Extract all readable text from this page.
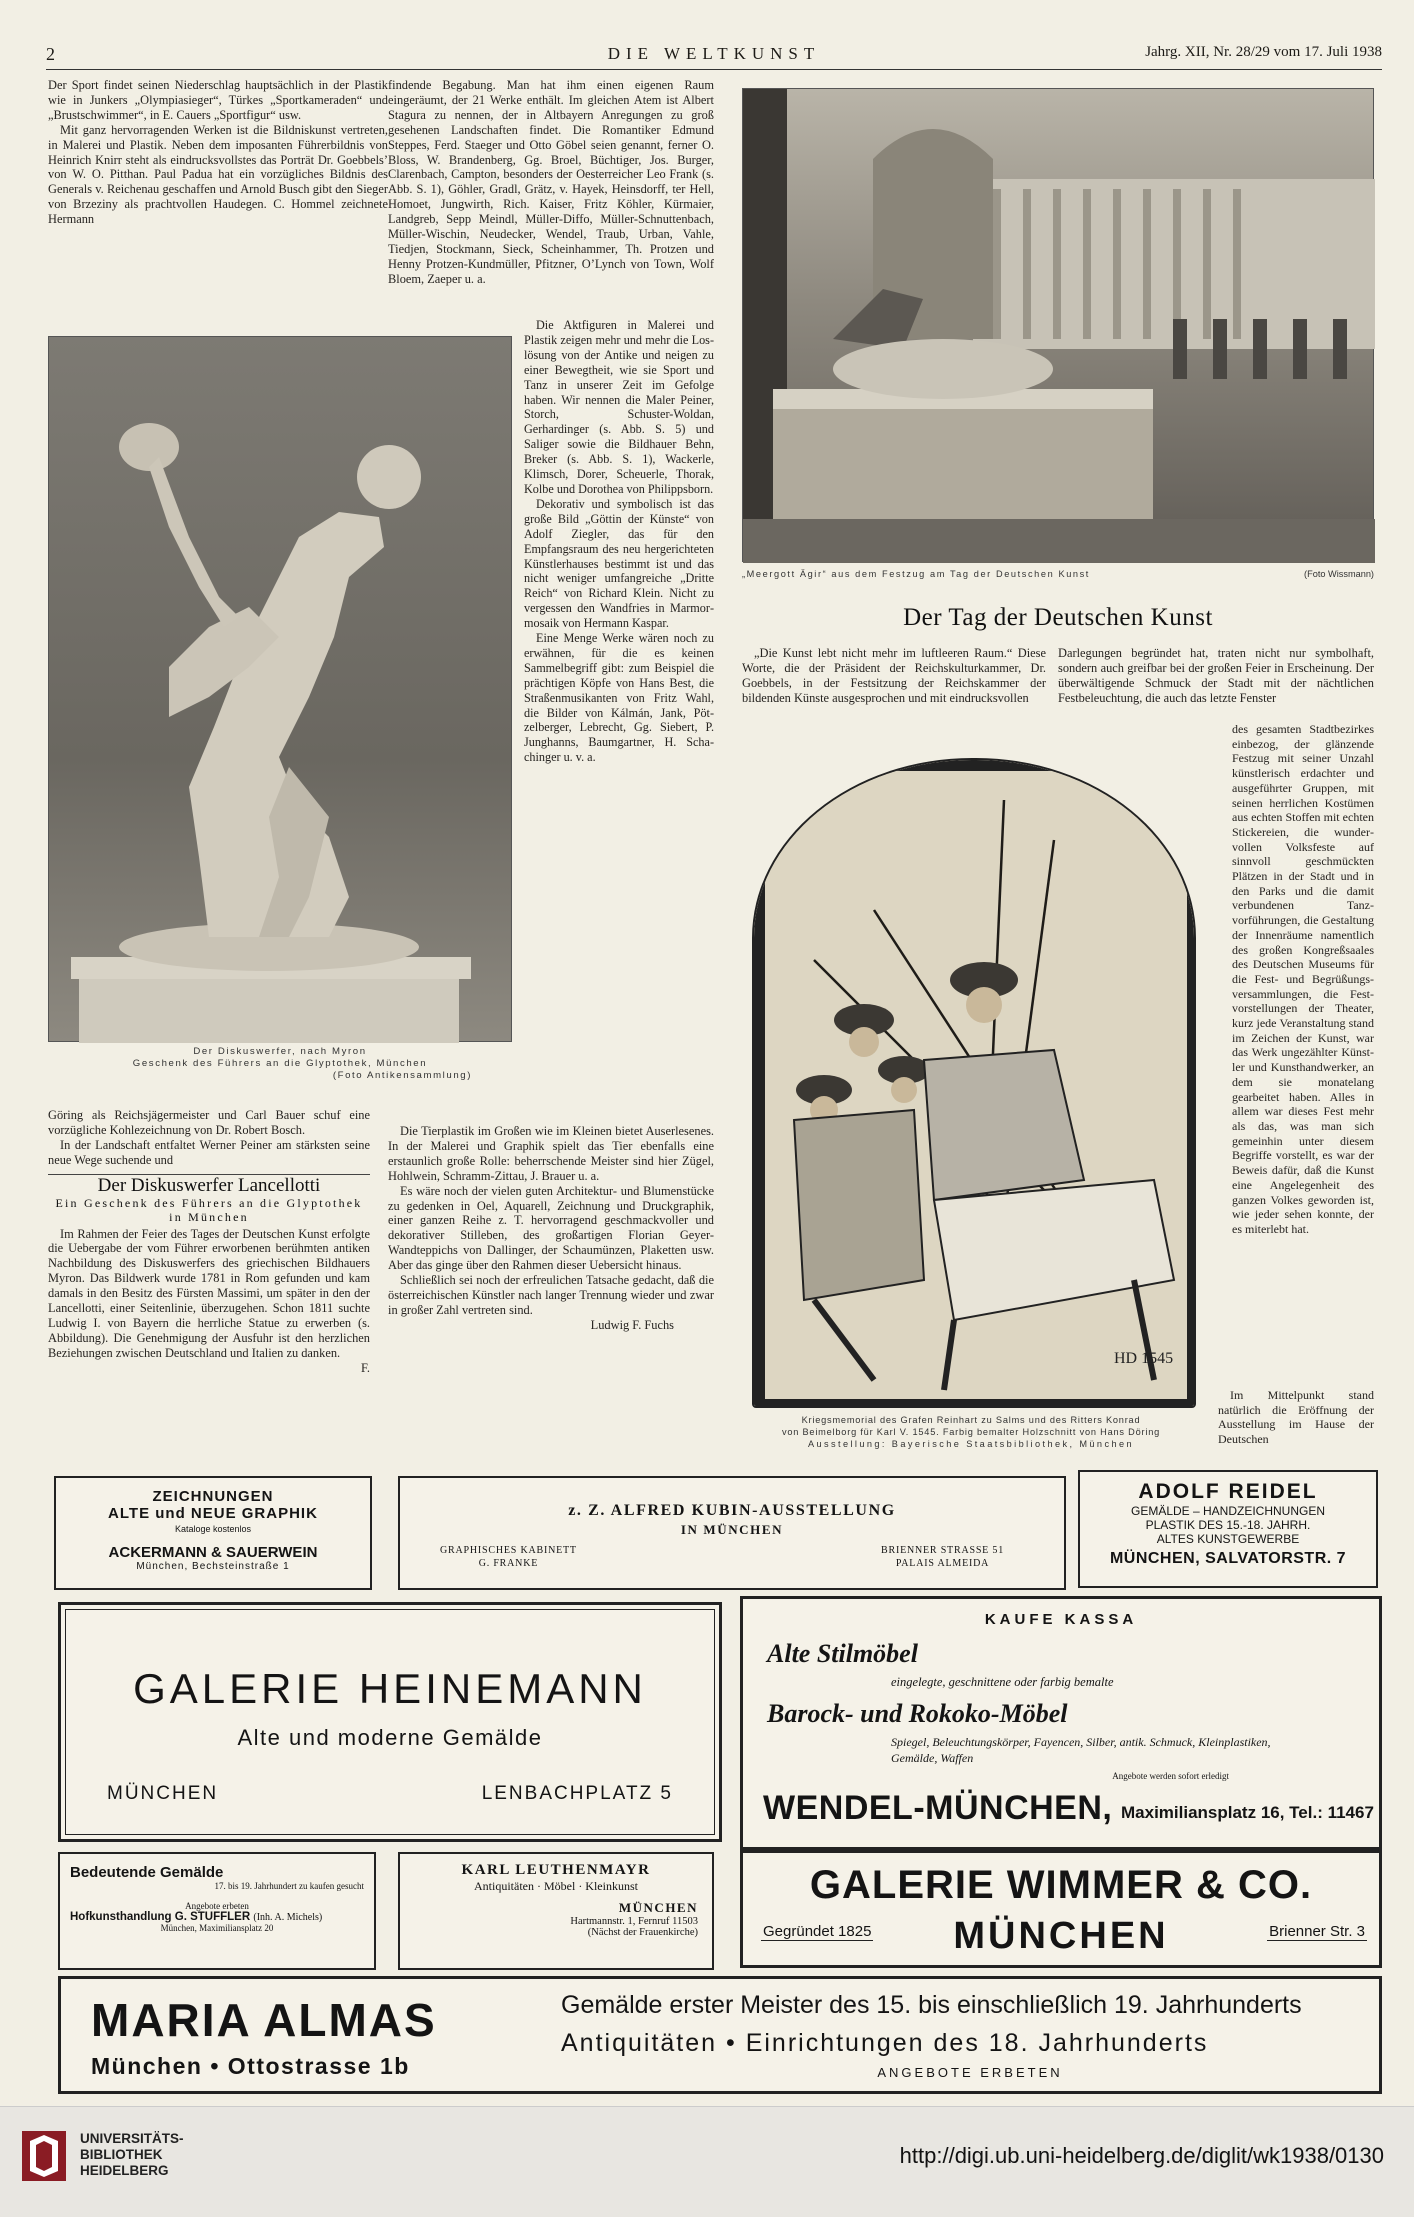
2	DIE WELTKUNST	Jahrg. XII, Nr. 28/29 vom 17. Juli 1938

Der Sport findet seinen Niederschlag hauptsächlich in der Plastik wie in Junkers „Olympiasieger“, Türkes „Sportkameraden“ und „Brustschwimmer“, in E. Cauers „Sportfigur“ usw.

Mit ganz hervorragenden Werken ist die Bildniskunst vertreten, in Malerei und Plastik. Neben dem imposanten Führerbildnis von Heinrich Knirr steht als eindrucksvollstes das Porträt Dr. Goebbels’ von W. O. Pitthan. Paul Padua hat ein vorzügliches Bildnis des Generals v. Reichenau geschaffen und Arnold Busch gibt den Sieger von Brzeziny als prachtvollen Haudegen. C. Hommel zeichnete Hermann

Der Diskuswerfer, nach Myron
Geschenk des Führers an die Glyptothek, München
(Foto Antikensammlung)

Göring als Reichsjägermeister und Carl Bauer schuf eine vorzügliche Kohlezeichnung von Dr. Robert Bosch.

In der Landschaft entfaltet Werner Peiner am stärksten seine neue Wege suchende und

Der Diskuswerfer Lancellotti
Ein Geschenk des Führers an die Glyptothek in München

Im Rahmen der Feier des Tages der Deutschen Kunst erfolgte die Uebergabe der vom Führer erworbenen berühmten antiken Nachbildung des Diskuswerfers des griechischen Bildhauers Myron. Das Bildwerk wurde 1781 in Rom gefunden und kam damals in den Besitz des Fürsten Massimi, um später in den der Lancellotti, einer Seitenlinie, überzugehen. Schon 1811 suchte Ludwig I. von Bayern die herrliche Statue zu erwerben (s. Abbildung). Die Genehmigung der Ausfuhr ist den herzlichen Beziehungen zwischen Deutschland und Italien zu danken.

F.

findende Begabung. Man hat ihm einen eigenen Raum eingeräumt, der 21 Werke enthält. Im gleichen Atem ist Albert Stagura zu nennen, der in Altbayern Anregungen zu groß gesehenen Landschaften findet. Die Romantiker Edmund Steppes, Ferd. Staeger und Otto Göbel seien genannt, ferner O. Bloss, W. Brandenberg, Gg. Broel, Büchtiger, Jos. Burger, Clarenbach, Campton, besonders der Oesterreicher Leo Frank (s. Abb. S. 1), Göhler, Gradl, Grätz, v. Hayek, Heinsdorff, ter Hell, Homoet, Jungwirth, Rich. Kaiser, Fritz Köhler, Kürmaier, Landgreb, Sepp Meindl, Müller-Diffo, Müller-Schnuttenbach, Müller-Wischin, Neudecker, Wendel, Traub, Urban, Vahle, Tiedjen, Stockmann, Sieck, Scheinhammer, Th. Protzen und Henny Protzen-Kundmüller, Pfitzner, O’Lynch von Town, Wolf Bloem, Zaeper u. a.

Die Aktfiguren in Malerei und Plastik zeigen mehr und mehr die Loslösung von der Antike und neigen zu einer Bewegtheit, wie sie Sport und Tanz in unserer Zeit im Gefolge haben. Wir nennen die Maler Peiner, Storch, Schuster-Woldan, Gerhardinger (s. Abb. S. 5) und Saliger sowie die Bildhauer Behn, Breker (s. Abb. S. 1), Wackerle, Klimsch, Dorer, Scheuerle, Thorak, Kolbe und Dorothea von Philippsborn.

Dekorativ und symbolisch ist das große Bild „Göttin der Künste“ von Adolf Ziegler, das für den Empfangsraum des neu hergerichteten Künstlerhauses bestimmt ist und das nicht weniger umfangreiche „Dritte Reich“ von Richard Klein. Nicht zu vergessen den Wandfries in Marmormosaik von Hermann Kaspar.

Eine Menge Werke wären noch zu erwähnen, für die es keinen Sammelbegriff gibt: zum Beispiel die prächtigen Köpfe von Hans Best, die Straßenmusikanten von Fritz Wahl, die Bilder von Kálmán, Jank, Pötzelberger, Lebrecht, Gg. Siebert, P. Junghanns, Baumgartner, H. Schachinger u. v. a.

Die Tierplastik im Großen wie im Kleinen bietet Auserlesenes. In der Malerei und Graphik spielt das Tier ebenfalls eine erstaunlich große Rolle: beherrschende Meister sind hier Zügel, Hohlwein, Schramm-Zittau, J. Brauer u. a.

Es wäre noch der vielen guten Architektur- und Blumenstücke zu gedenken in Oel, Aquarell, Zeichnung und Druckgraphik, einer ganzen Reihe z. T. hervorragend geschmackvoller und dekorativer Stilleben, des großartigen Florian Geyer-Wandteppichs von Dallinger, der Schaumünzen, Plaketten usw. Aber das ginge über den Rahmen dieser Uebersicht hinaus.

Schließlich sei noch der erfreulichen Tatsache gedacht, daß die österreichischen Künstler nach langer Trennung wieder und zwar in großer Zahl vertreten sind.

Ludwig F. Fuchs
„Meergott Ägir“ aus dem Festzug am Tag der Deutschen Kunst	(Foto Wissmann)
Der Tag der Deutschen Kunst

„Die Kunst lebt nicht mehr im luftleeren Raum.“ Diese Worte, die der Präsident der Reichskulturkammer, Dr. Goebbels, in der Festsitzung der Reichskammer der bildenden Künste ausgesprochen und mit eindrucksvollen

Darlegungen begründet hat, traten nicht nur symbolhaft, sondern auch greifbar bei der großen Feier in Erscheinung. Der überwältigende Schmuck der Stadt mit der nächtlichen Festbeleuchtung, die auch das letzte Fenster

HD 1545
Kriegsmemorial des Grafen Reinhart zu Salms und des Ritters Konrad
von Beimelborg für Karl V. 1545. Farbig bemalter Holzschnitt von Hans Döring
Ausstellung: Bayerische Staatsbibliothek, München

des gesamten Stadtbezirkes einbezog, der glänzende Festzug mit seiner Unzahl künstlerisch erdachter und ausgeführter Gruppen, mit seinen herrlichen Kostümen aus echten Stoffen mit echten Stickereien, die wundervollen Volksfeste auf sinnvoll geschmückten Plätzen in der Stadt und in den Parks und die damit verbundenen Tanzvorführungen, die Gestaltung der Innenräume namentlich des großen Kongreßsaales des Deutschen Museums für die Fest- und Begrüßungsversammlungen, die Festvorstellungen der Theater, kurz jede Veranstaltung stand im Zeichen der Kunst, war das Werk ungezählter Künstler und Kunsthandwerker, an dem sie monatelang gearbeitet haben. Alles in allem war dieses Fest mehr als das, was man sich gemeinhin unter diesem Begriffe vorstellt, es war der Beweis dafür, daß die Kunst eine Angelegenheit des ganzen Volkes geworden ist, wie jeder sehen konnte, der es miterlebt hat.

Im Mittelpunkt stand natürlich die Eröffnung der Ausstellung im Hause der Deutschen

ZEICHNUNGEN
ALTE und NEUE GRAPHIK
Kataloge kostenlos
ACKERMANN & SAUERWEIN
München, Bechsteinstraße 1
z. Z. ALFRED KUBIN-AUSSTELLUNG
IN MÜNCHEN
GRAPHISCHES KABINETT
G. FRANKE
BRIENNER STRASSE 51
PALAIS ALMEIDA
ADOLF REIDEL
GEMÄLDE – HANDZEICHNUNGEN
PLASTIK DES 15.-18. JAHRH.
ALTES KUNSTGEWERBE
MÜNCHEN, SALVATORSTR. 7
GALERIE HEINEMANN
Alte und moderne Gemälde
MÜNCHEN	LENBACHPLATZ 5
KAUFE KASSA
Alte Stilmöbel
eingelegte, geschnittene oder farbig bemalte
Barock- und Rokoko-Möbel
Spiegel, Beleuchtungskörper, Fayencen, Silber, antik. Schmuck, Kleinplastiken,
Gemälde, Waffen
Angebote werden sofort erledigt
WENDEL-MÜNCHEN, Maximiliansplatz 16, Tel.: 11467
Bedeutende Gemälde
17. bis 19. Jahrhundert zu kaufen gesucht
Angebote erbeten
Hofkunsthandlung G. STUFFLER (Inh. A. Michels)
München, Maximiliansplatz 20
KARL LEUTHENMAYR
Antiquitäten · Möbel · Kleinkunst
MÜNCHEN
Hartmannstr. 1, Fernruf 11503
(Nächst der Frauenkirche)
GALERIE WIMMER & CO.
Gegründet 1825	MÜNCHEN	Brienner Str. 3
MARIA ALMAS
München • Ottostrasse 1b
Gemälde erster Meister des 15. bis einschließlich 19. Jahrhunderts
Antiquitäten • Einrichtungen des 18. Jahrhunderts
ANGEBOTE ERBETEN
UNIVERSITÄTS-
BIBLIOTHEK
HEIDELBERG
http://digi.ub.uni-heidelberg.de/diglit/wk1938/0130
